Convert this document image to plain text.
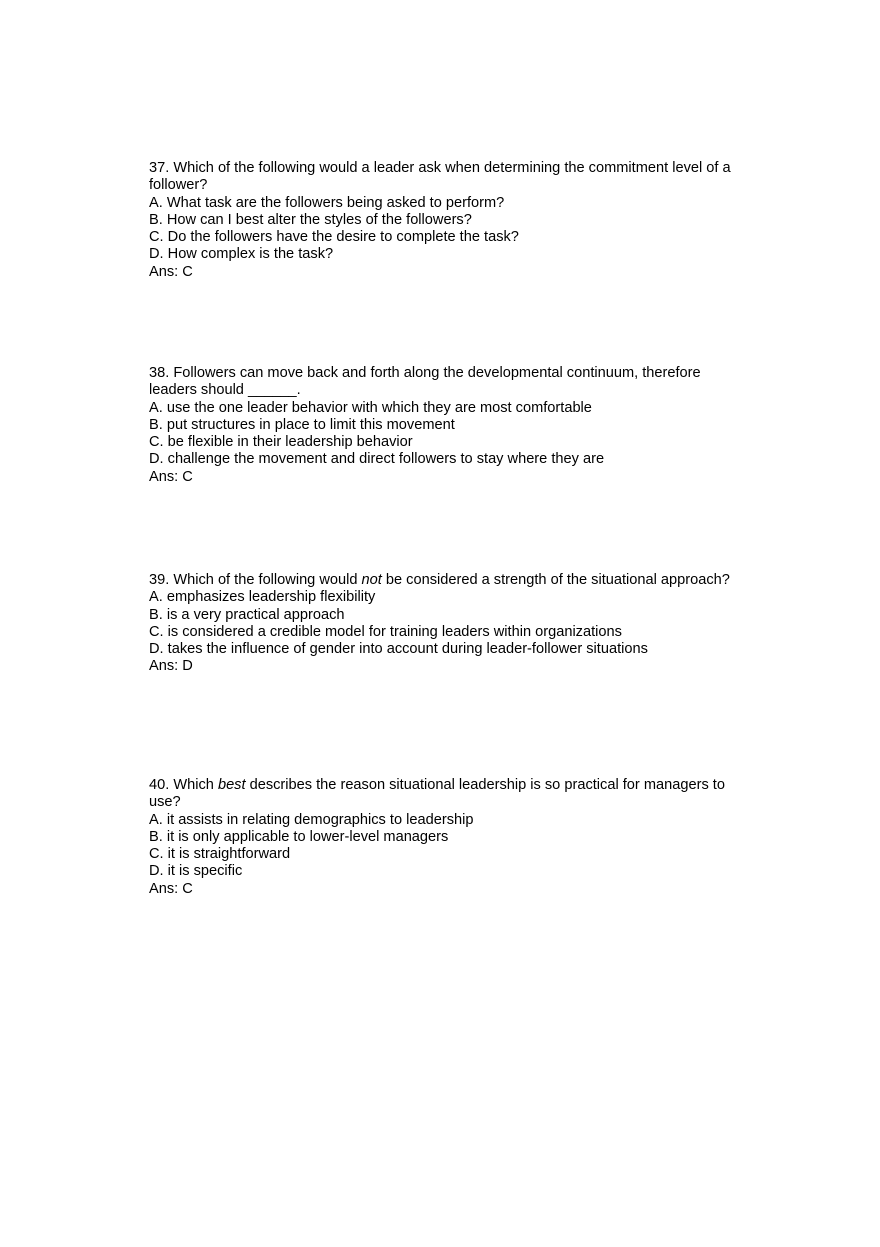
37. Which of the following would a leader ask when determining the commitment level of a follower?

A. What task are the followers being asked to perform?

B. How can I best alter the styles of the followers?

C. Do the followers have the desire to complete the task?

D. How complex is the task?

Ans: C

38. Followers can move back and forth along the developmental continuum, therefore leaders should ______.

A. use the one leader behavior with which they are most comfortable

B. put structures in place to limit this movement

C. be flexible in their leadership behavior

D. challenge the movement and direct followers to stay where they are

Ans: C

39. Which of the following would not be considered a strength of the situational approach?

A. emphasizes leadership flexibility

B. is a very practical approach

C. is considered a credible model for training leaders within organizations

D. takes the influence of gender into account during leader-follower situations

Ans: D

40. Which best describes the reason situational leadership is so practical for managers to use?

A. it assists in relating demographics to leadership

B. it is only applicable to lower-level managers

C. it is straightforward

D. it is specific

Ans: C
